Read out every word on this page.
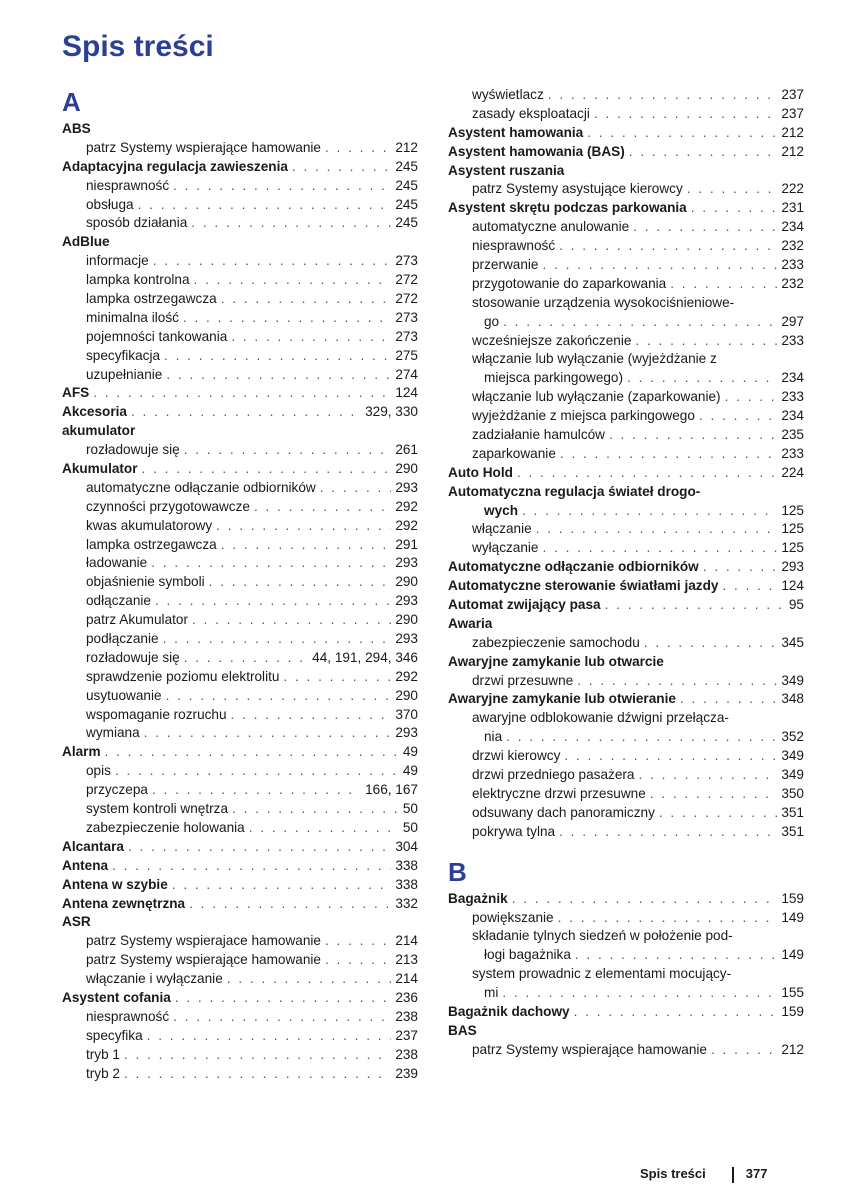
Spis treści
A
ABS
patrz Systemy wspierające hamowanie . . .	212
Adaptacyjna regulacja zawieszenia . . .	245
niesprawność . . .	245
obsługa . . .	245
sposób działania . . .	245
AdBlue
informacje . . .	273
lampka kontrolna . . .	272
lampka ostrzegawcza . . .	272
minimalna ilość . . .	273
pojemności tankowania . . .	273
specyfikacja . . .	275
uzupełnianie . . .	274
AFS . . .	124
Akcesoria . . .	329, 330
akumulator
rozładowuje się . . .	261
Akumulator . . .	290
automatyczne odłączanie odbiorników . . .	293
czynności przygotowawcze . . .	292
kwas akumulatorowy . . .	292
lampka ostrzegawcza . . .	291
ładowanie . . .	293
objaśnienie symboli . . .	290
odłączanie . . .	293
patrz Akumulator . . .	290
podłączanie . . .	293
rozładowuje się . . .	44, 191, 294, 346
sprawdzenie poziomu elektrolitu . . .	292
usytuowanie . . .	290
wspomaganie rozruchu . . .	370
wymiana . . .	293
Alarm . . .	49
opis . . .	49
przyczepa . . .	166, 167
system kontroli wnętrza . . .	50
zabezpieczenie holowania . . .	50
Alcantara . . .	304
Antena . . .	338
Antena w szybie . . .	338
Antena zewnętrzna . . .	332
ASR
patrz Systemy wspierajace hamowanie . . .	214
patrz Systemy wspierające hamowanie . . .	213
włączanie i wyłączanie . . .	214
Asystent cofania . . .	236
niesprawność . . .	238
specyfika . . .	237
tryb 1 . . .	238
tryb 2 . . .	239
wyświetlacz . . .	237
zasady eksploatacji . . .	237
Asystent hamowania . . .	212
Asystent hamowania (BAS) . . .	212
Asystent ruszania
patrz Systemy asystujące kierowcy . . .	222
Asystent skrętu podczas parkowania . . .	231
automatyczne anulowanie . . .	234
niesprawność . . .	232
przerwanie . . .	233
przygotowanie do zaparkowania . . .	232
stosowanie urządzenia wysokociśnieniowe-
go . . .	297
wcześniejsze zakończenie . . .	233
włączanie lub wyłączanie (wyjeżdżanie z
miejsca parkingowego) . . .	234
włączanie lub wyłączanie (zaparkowanie) . . .	233
wyjeżdżanie z miejsca parkingowego . . .	234
zadziałanie hamulców . . .	235
zaparkowanie . . .	233
Auto Hold . . .	224
Automatyczna regulacja świateł drogo-
wych . . .	125
włączanie . . .	125
wyłączanie . . .	125
Automatyczne odłączanie odbiorników . . .	293
Automatyczne sterowanie światłami jazdy . . .	124
Automat zwijający pasa . . .	95
Awaria
zabezpieczenie samochodu . . .	345
Awaryjne zamykanie lub otwarcie
drzwi przesuwne . . .	349
Awaryjne zamykanie lub otwieranie . . .	348
awaryjne odblokowanie dźwigni przełącza-
nia . . .	352
drzwi kierowcy . . .	349
drzwi przedniego pasażera . . .	349
elektryczne drzwi przesuwne . . .	350
odsuwany dach panoramiczny . . .	351
pokrywa tylna . . .	351
B
Bagażnik . . .	159
powiększanie . . .	149
składanie tylnych siedzeń w położenie pod-
łogi bagażnika . . .	149
system prowadnic z elementami mocujący-
mi . . .	155
Bagażnik dachowy . . .	159
BAS
patrz Systemy wspierające hamowanie . . .	212
Spis treści	377
